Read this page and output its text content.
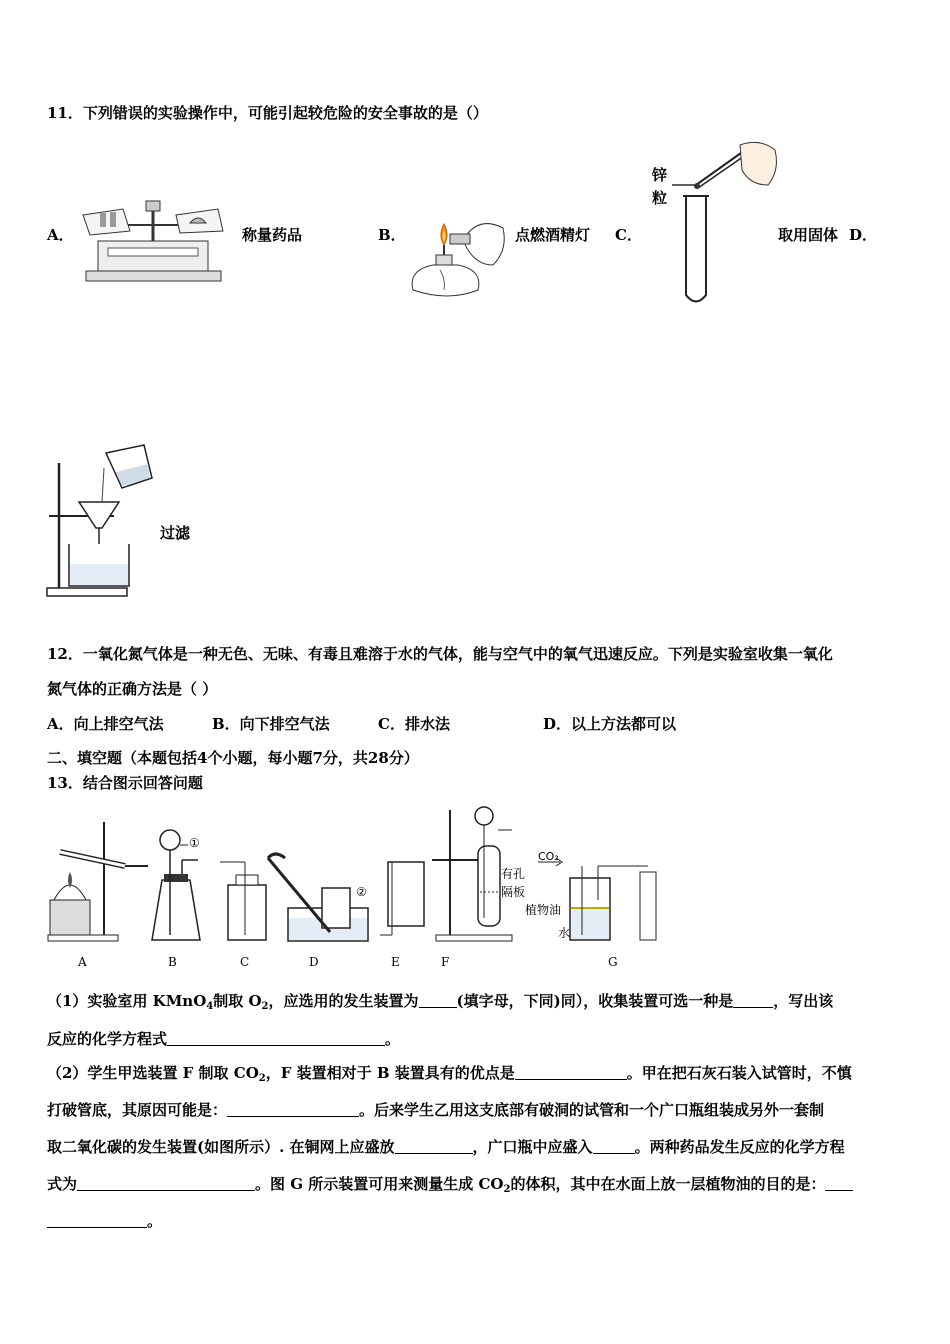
11．下列错误的实验操作中，可能引起较危险的安全事故的是（）
A．	称量药品	B．	点燃酒精灯 C．
锌
粒
取用固体 D．
过滤
12．一氧化氮气体是一种无色、无味、有毒且难溶于水的气体，能与空气中的氧气迅速反应。下列是实验室收集一氧化
氮气体的正确方法是（ ）
A．向上排空气法	B．向下排空气法	C．排水法	D．以上方法都可以
二、填空题（本题包括4个小题，每小题7分，共28分）
13．结合图示回答问题
A	B	C	D	E	F	G
①
②
有孔
隔板
CO₂
植物油
水
（1）实验室用 KMnO$_4$制取 $O_2$，应选用的发生装置为	(填字母，下同)同），收集装置可选一种是	，写出该
反应的化学方程式	。
（2）学生甲选装置 F 制取 $CO_2$，F 装置相对于 B 装置具有的优点是	。甲在把石灰石装入试管时，不慎
打破管底，其原因可能是：	。后来学生乙用这支底部有破洞的试管和一个广口瓶组装成另外一套制
取二氧化碳的发生装置(如图所示）. 在铜网上应盛放	，广口瓶中应盛入	。两种药品发生反应的化学方程
式为	。图 G 所示装置可用来测量生成 $CO_2$的体积，其中在水面上放一层植物油的目的是：
。
